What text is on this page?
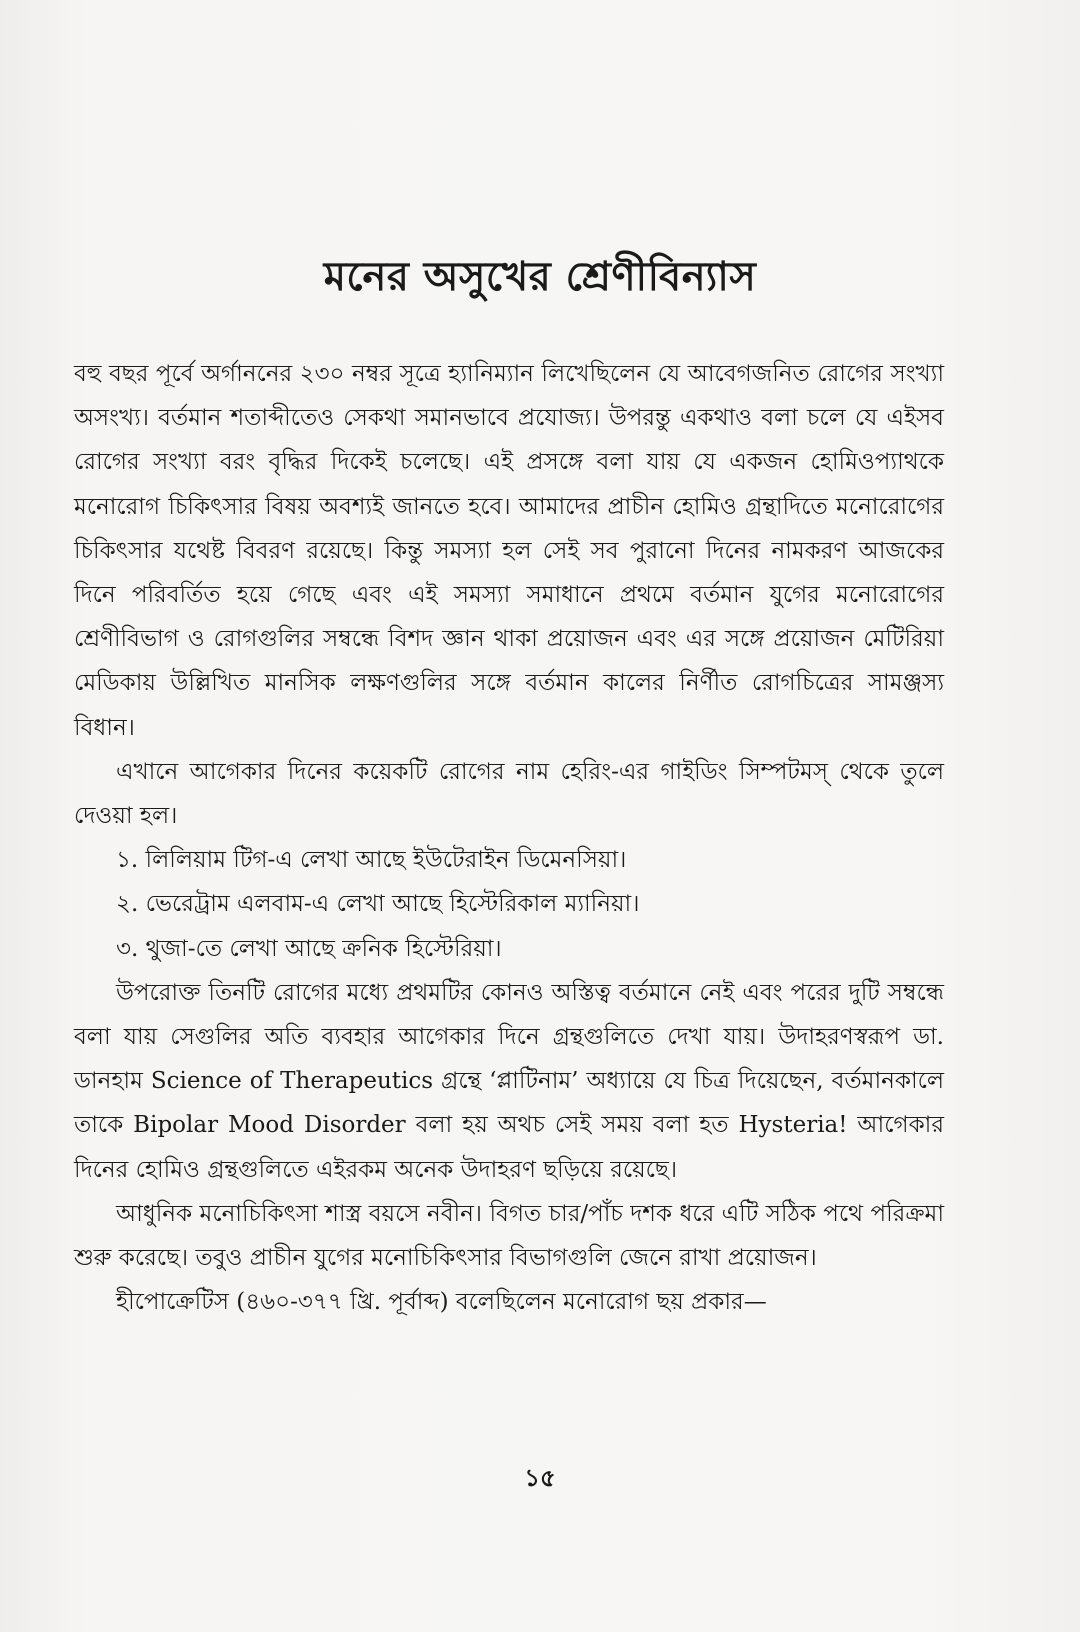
মনের অসুখের শ্রেণীবিন্যাস

বহু বছর পূর্বে অর্গাননের ২৩০ নম্বর সূত্রে হ্যানিম্যান লিখেছিলেন যে আবেগজনিত রোগের সংখ্যা অসংখ্য। বর্তমান শতাব্দীতেও সেকথা সমানভাবে প্রযোজ্য। উপরন্তু একথাও বলা চলে যে এইসব রোগের সংখ্যা বরং বৃদ্ধির দিকেই চলেছে। এই প্রসঙ্গে বলা যায় যে একজন হোমিওপ্যাথকে মনোরোগ চিকিৎসার বিষয় অবশ্যই জানতে হবে। আমাদের প্রাচীন হোমিও গ্রন্থাদিতে মনোরোগের চিকিৎসার যথেষ্ট বিবরণ রয়েছে। কিন্তু সমস্যা হল সেই সব পুরানো দিনের নামকরণ আজকের দিনে পরিবর্তিত হয়ে গেছে এবং এই সমস্যা সমাধানে প্রথমে বর্তমান যুগের মনোরোগের শ্রেণীবিভাগ ও রোগগুলির সম্বন্ধে বিশদ জ্ঞান থাকা প্রয়োজন এবং এর সঙ্গে প্রয়োজন মেটিরিয়া মেডিকায় উল্লিখিত মানসিক লক্ষণগুলির সঙ্গে বর্তমান কালের নির্ণীত রোগচিত্রের সামঞ্জস্য বিধান।

এখানে আগেকার দিনের কয়েকটি রোগের নাম হেরিং-এর গাইডিং সিম্পটমস্ থেকে তুলে দেওয়া হল।

১. লিলিয়াম টিগ-এ লেখা আছে ইউটেরাইন ডিমেনসিয়া।

২. ভেরেট্রাম এলবাম-এ লেখা আছে হিস্টেরিকাল ম্যানিয়া।

৩. থুজা-তে লেখা আছে ক্রনিক হিস্টেরিয়া।

উপরোক্ত তিনটি রোগের মধ্যে প্রথমটির কোনও অস্তিত্ব বর্তমানে নেই এবং পরের দুটি সম্বন্ধে বলা যায় সেগুলির অতি ব্যবহার আগেকার দিনে গ্রন্থগুলিতে দেখা যায়। উদাহরণস্বরূপ ডা. ডানহাম Science of Therapeutics গ্রন্থে ‘প্লাটিনাম’ অধ্যায়ে যে চিত্র দিয়েছেন, বর্তমানকালে তাকে Bipolar Mood Disorder বলা হয় অথচ সেই সময় বলা হত Hysteria! আগেকার দিনের হোমিও গ্রন্থগুলিতে এইরকম অনেক উদাহরণ ছড়িয়ে রয়েছে।

আধুনিক মনোচিকিৎসা শাস্ত্র বয়সে নবীন। বিগত চার/পাঁচ দশক ধরে এটি সঠিক পথে পরিক্রমা শুরু করেছে। তবুও প্রাচীন যুগের মনোচিকিৎসার বিভাগগুলি জেনে রাখা প্রয়োজন।

হীপোক্রেটিস (৪৬০-৩৭৭ খ্রি. পূর্বাব্দ) বলেছিলেন মনোরোগ ছয় প্রকার—

১৫
